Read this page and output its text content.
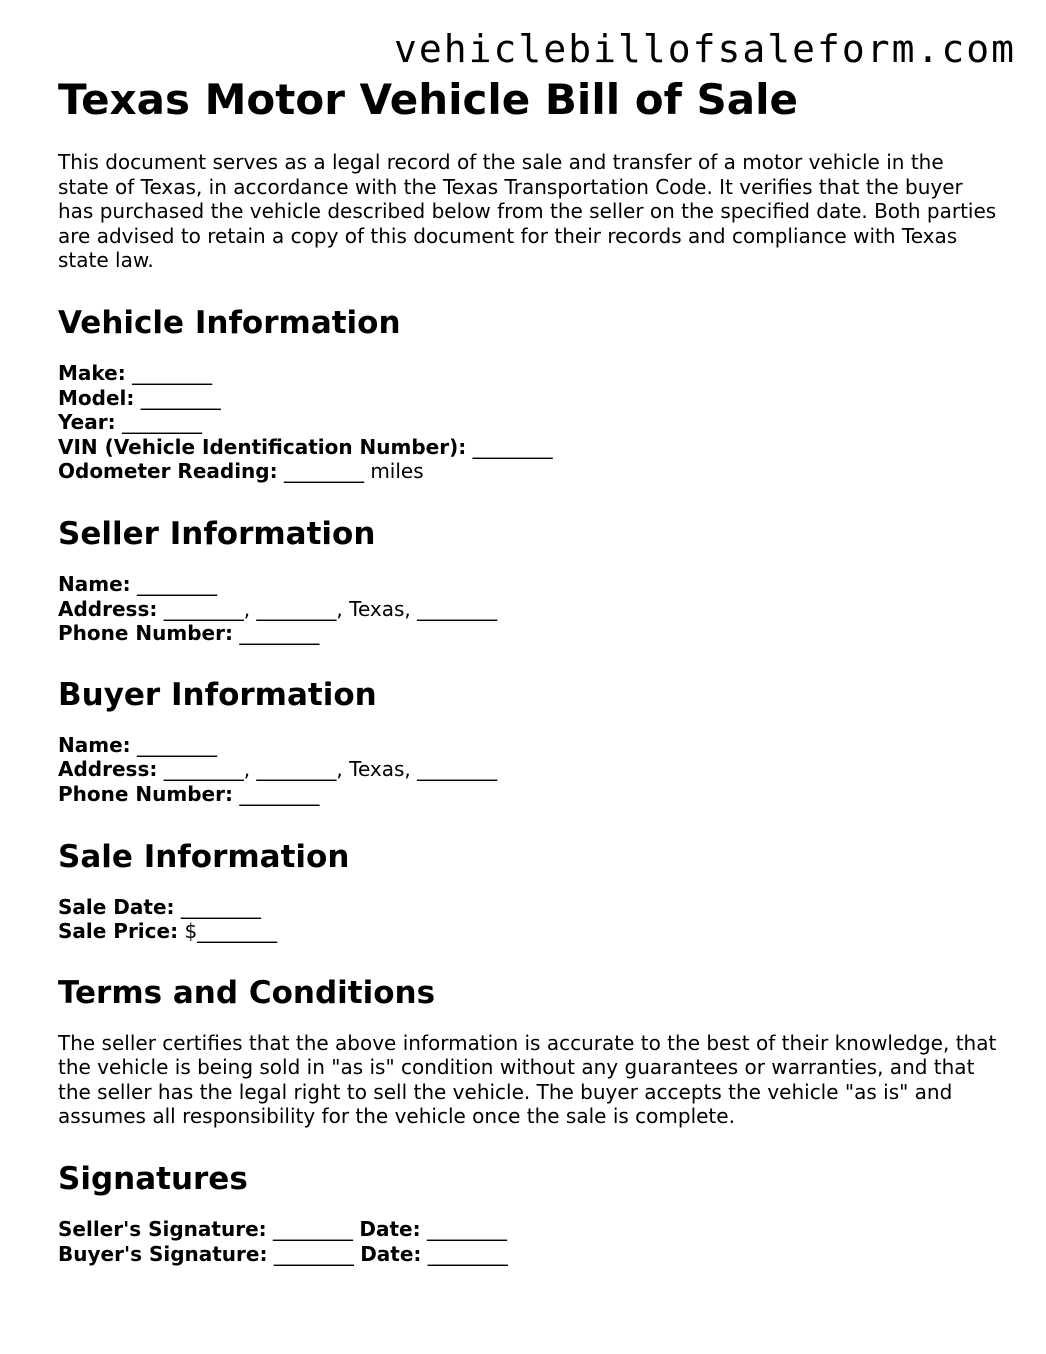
vehiclebillofsaleform.com
Texas Motor Vehicle Bill of Sale

This document serves as a legal record of the sale and transfer of a motor vehicle in the state of Texas, in accordance with the Texas Transportation Code. It verifies that the buyer has purchased the vehicle described below from the seller on the specified date. Both parties are advised to retain a copy of this document for their records and compliance with Texas state law.

Vehicle Information
Make: ________
Model: ________
Year: ________
VIN (Vehicle Identification Number): ________
Odometer Reading: ________ miles
Seller Information
Name: ________
Address: ________, ________, Texas, ________
Phone Number: ________
Buyer Information
Name: ________
Address: ________, ________, Texas, ________
Phone Number: ________
Sale Information
Sale Date: ________
Sale Price: $________
Terms and Conditions

The seller certifies that the above information is accurate to the best of their knowledge, that the vehicle is being sold in "as is" condition without any guarantees or warranties, and that the seller has the legal right to sell the vehicle. The buyer accepts the vehicle "as is" and assumes all responsibility for the vehicle once the sale is complete.

Signatures
Seller's Signature: ________ Date: ________
Buyer's Signature: ________ Date: ________
